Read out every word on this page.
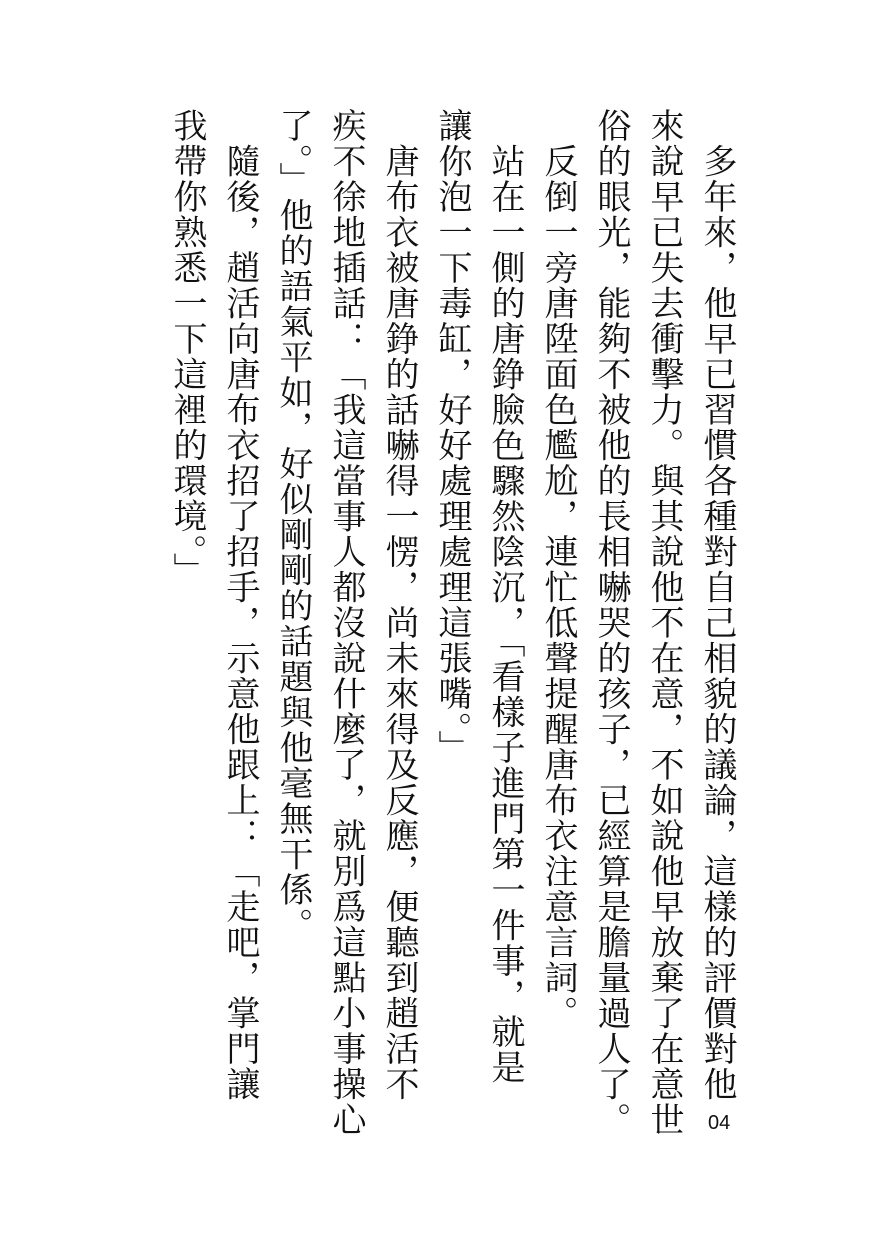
　多年來，他早已習慣各種對自己相貌的議論，這樣的評價對他
來說早已失去衝擊力。與其說他不在意，不如說他早放棄了在意世
俗的眼光，能夠不被他的長相嚇哭的孩子，已經算是膽量過人了。
　反倒一旁唐陞面色尷尬，連忙低聲提醒唐布衣注意言詞。
　站在一側的唐錚臉色驟然陰沉，「看樣子進門第一件事，就是
讓你泡一下毒缸，好好處理處理這張嘴。」
　唐布衣被唐錚的話嚇得一愣，尚未來得及反應，便聽到趙活不
疾不徐地插話：「我這當事人都沒說什麼了，就別爲這點小事操心
了。」他的語氣平如，好似剛剛的話題與他毫無干係。
　隨後，趙活向唐布衣招了招手，示意他跟上：「走吧，掌門讓
我帶你熟悉一下這裡的環境。」
04
